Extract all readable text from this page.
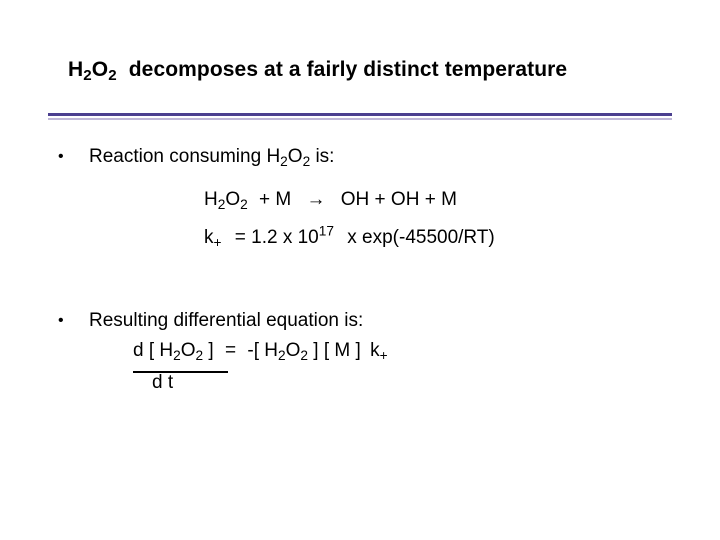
$H_2O_2$ decomposes at a fairly distinct temperature
• Reaction consuming $H_2O_2$ is:
$H_2O_2 + M$ → OH + OH + M
$k_+ = 1.2$ x $10^{17}$ x exp(-45500/RT)
• Resulting differential equation is:
d [ $H_2O_2$ ] = -[ $H_2O_2$ ] [ M ] $k_+$
d t
